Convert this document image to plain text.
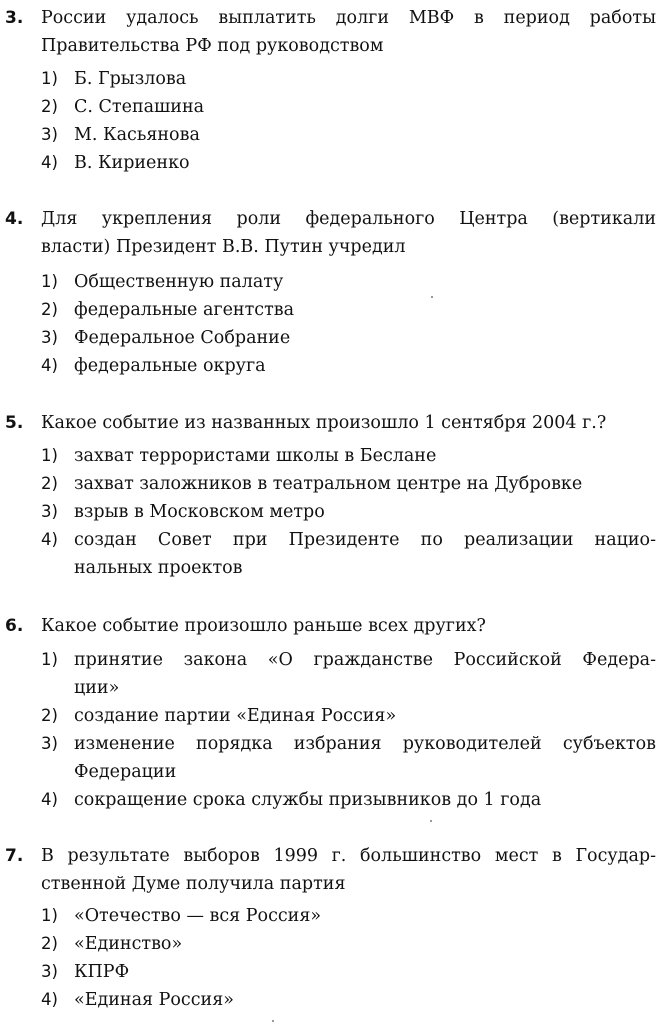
3. России удалось выплатить долги МВФ в период работы
Правительства РФ под руководством
1) Б. Грызлова
2) С. Степашина
3) М. Касьянова
4) В. Кириенко
4. Для укрепления роли федерального Центра (вертикали
власти) Президент В.В. Путин учредил
1) Общественную палату
2) федеральные агентства
3) Федеральное Собрание
4) федеральные округа
5. Какое событие из названных произошло 1 сентября 2004 г.?
1) захват террористами школы в Беслане
2) захват заложников в театральном центре на Дубровке
3) взрыв в Московском метро
4) создан Совет при Президенте по реализации нацио-
нальных проектов
6. Какое событие произошло раньше всех других?
1) принятие закона «О гражданстве Российской Федера-
ции»
2) создание партии «Единая Россия»
3) изменение порядка избрания руководителей субъектов
Федерации
4) сокращение срока службы призывников до 1 года
7. В результате выборов 1999 г. большинство мест в Государ-
ственной Думе получила партия
1) «Отечество — вся Россия»
2) «Единство»
3) КПРФ
4) «Единая Россия»
